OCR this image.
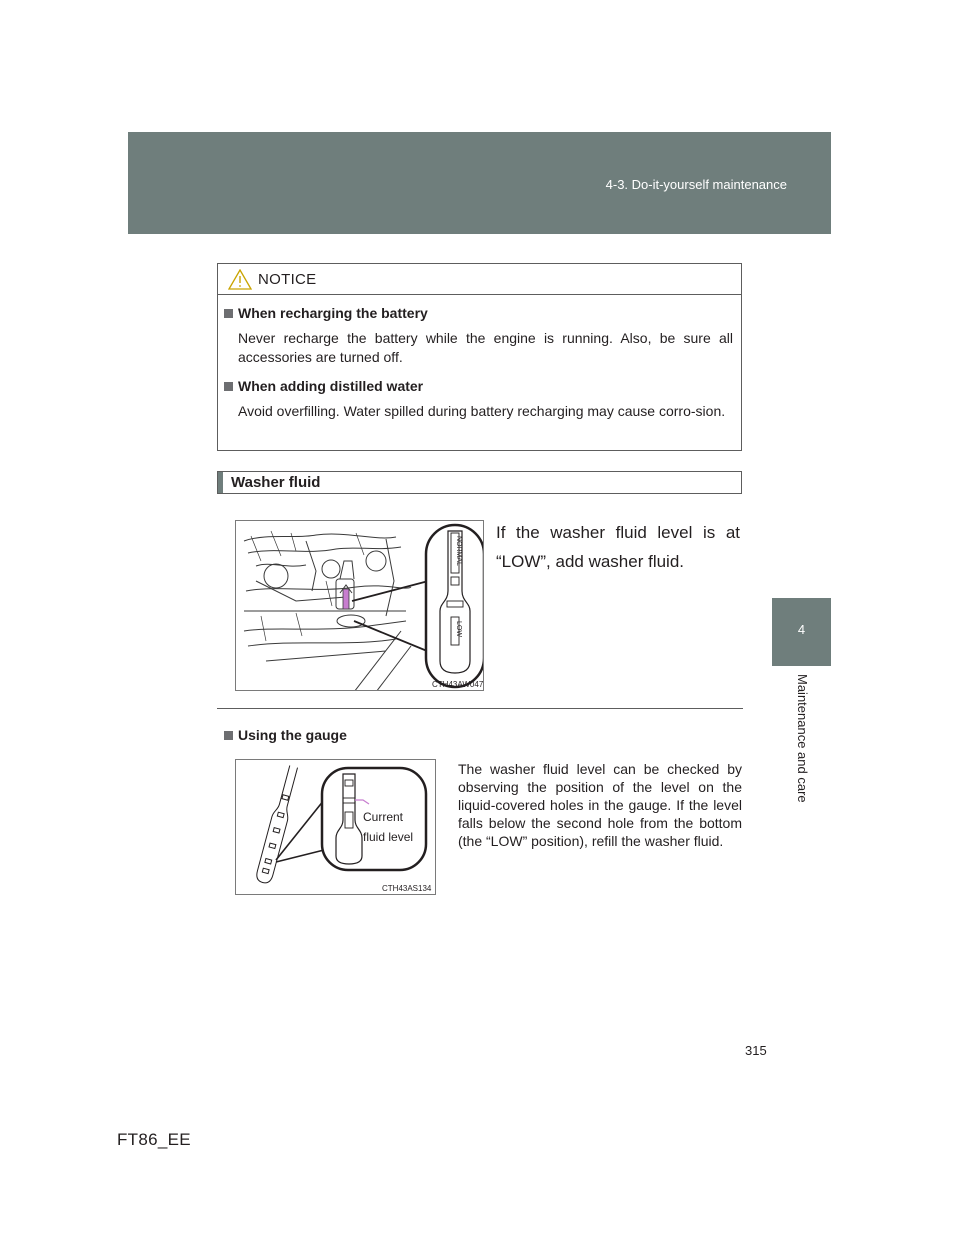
4-3. Do-it-yourself maintenance
4
Maintenance and care
NOTICE
When recharging the battery
Never recharge the battery while the engine is running. Also, be sure all accessories are turned off.
When adding distilled water
Avoid overfilling. Water spilled during battery recharging may cause corro-sion.
Washer fluid
NORMAL
LOW
CTH43AW047
If the washer fluid level is at “LOW”, add washer fluid.
Using the gauge
Current
fluid level
CTH43AS134
The washer fluid level can be checked by observing the position of the level on the liquid-covered holes in the gauge. If the level falls below the second hole from the bottom (the “LOW” position), refill the washer fluid.
315
FT86_EE
